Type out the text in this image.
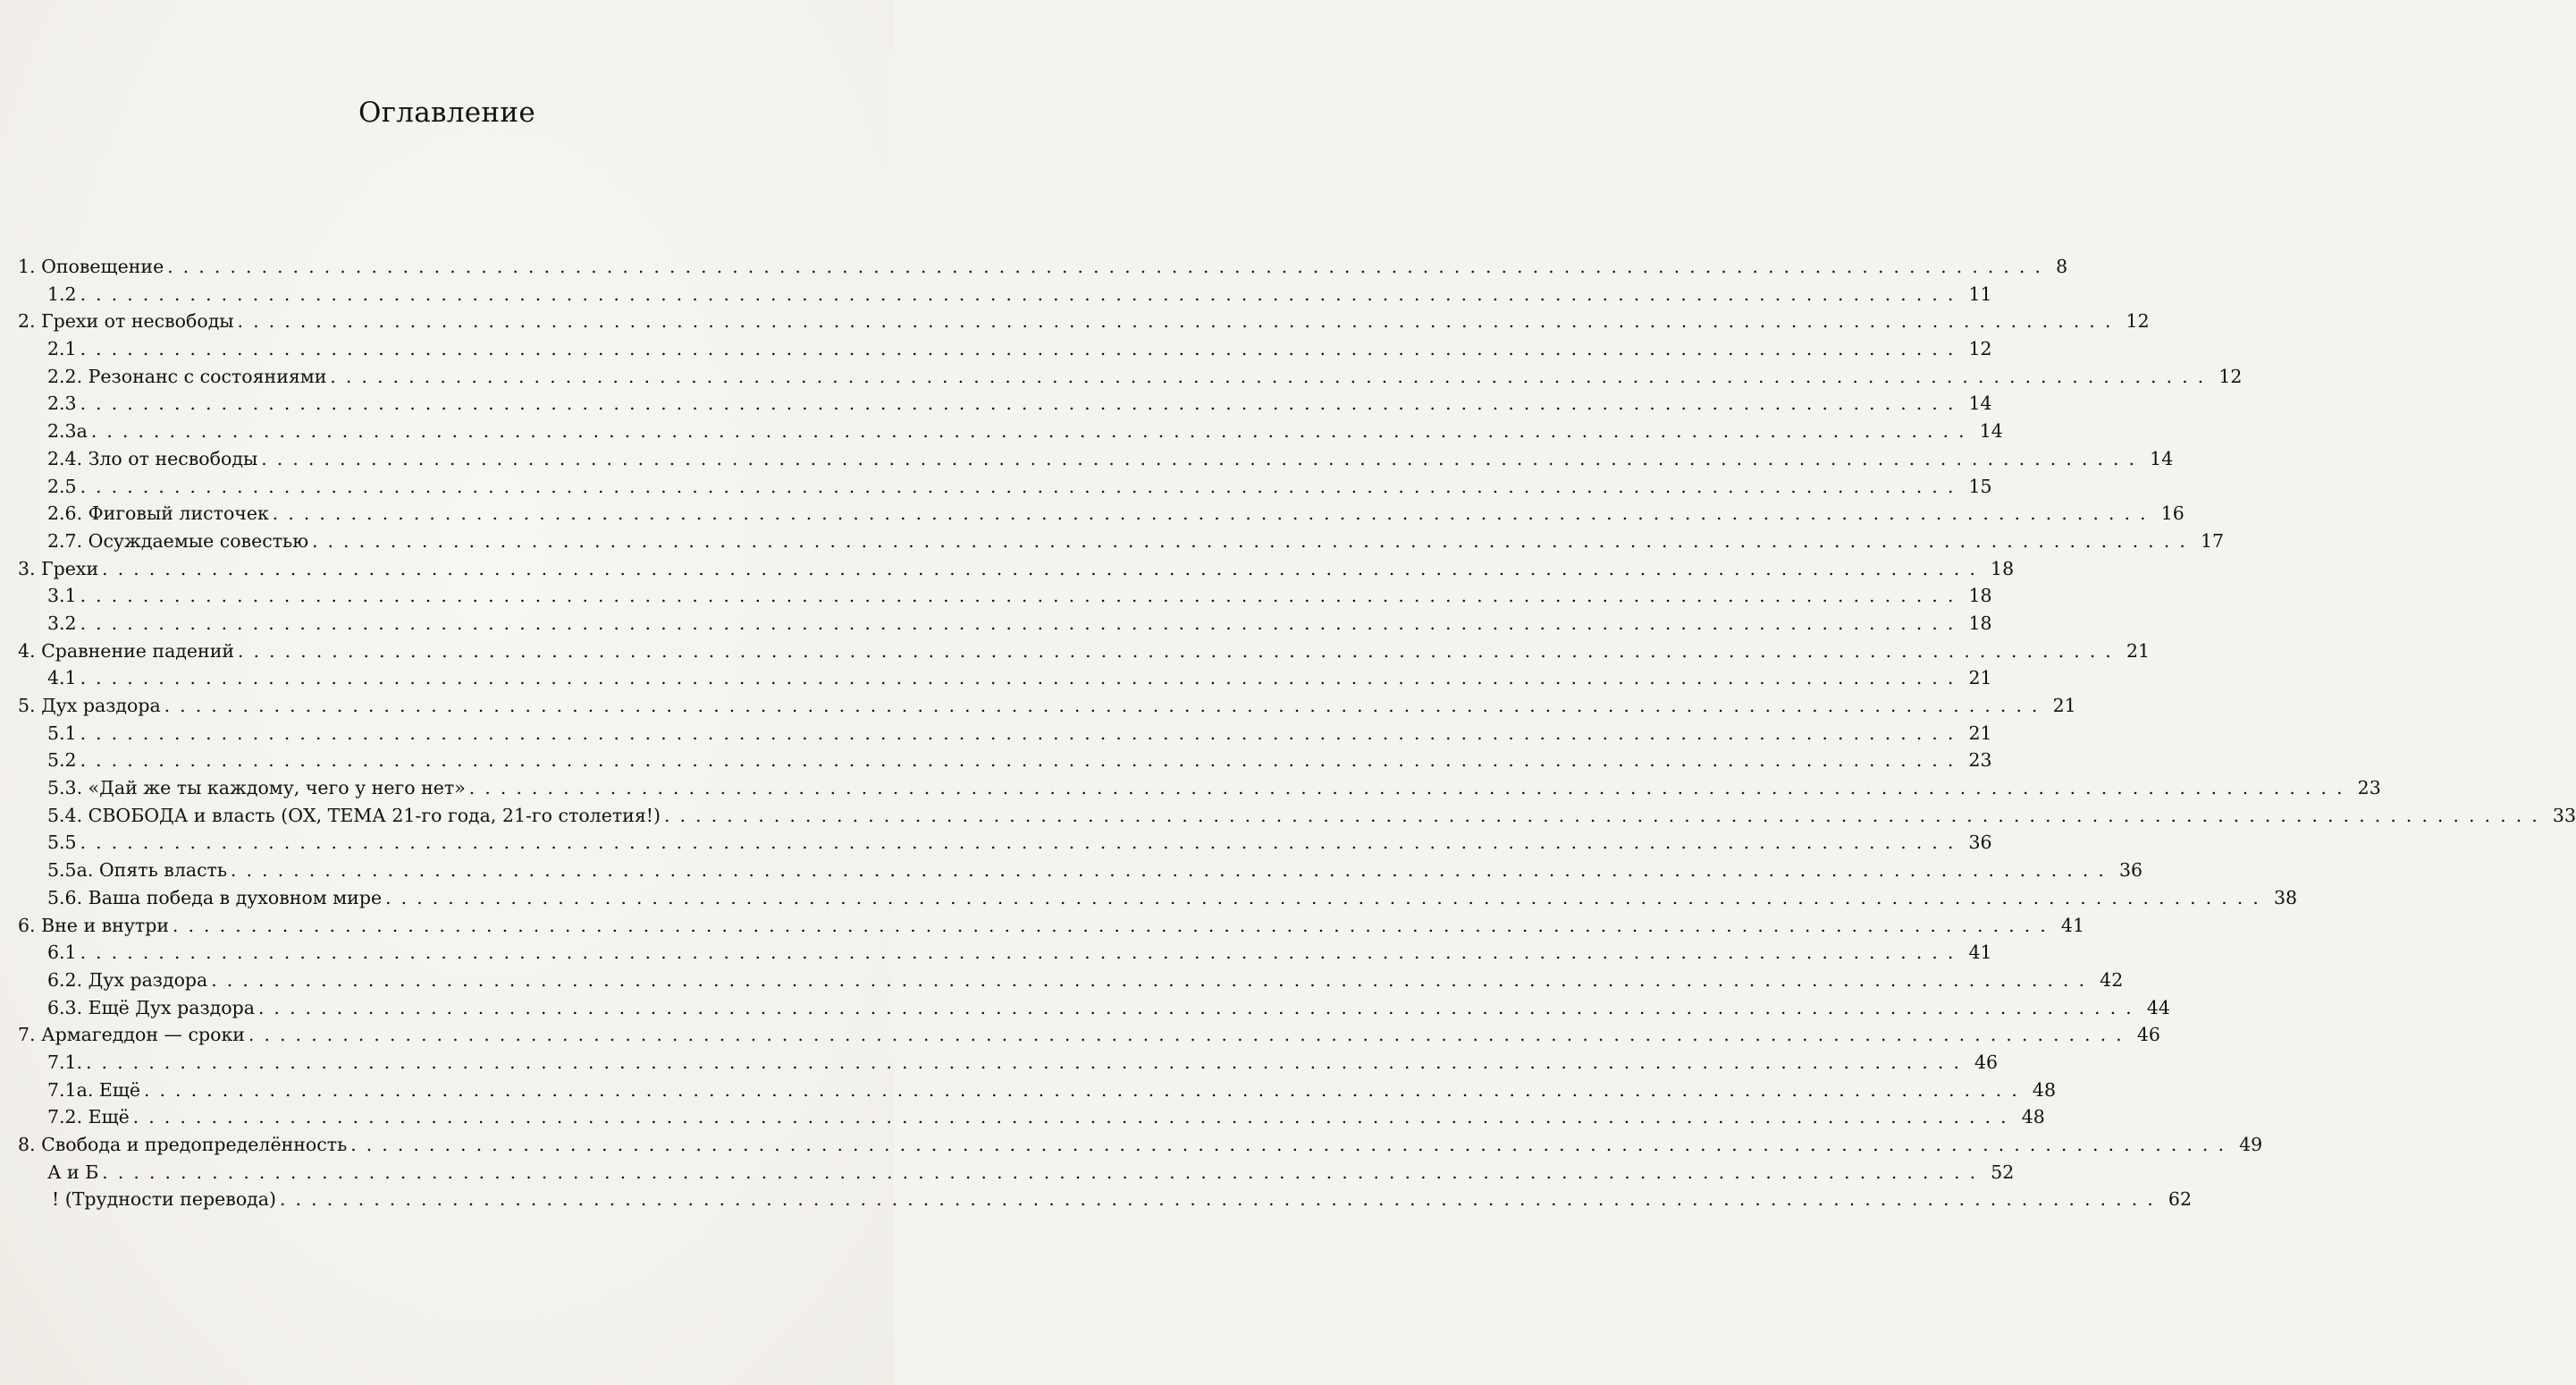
Оглавление
1. Оповещение ........................................................................................................................ 8
1.2 ........................................................................................................................ 11
2. Грехи от несвободы ........................................................................................................................ 12
2.1 ........................................................................................................................ 12
2.2. Резонанс с состояниями ........................................................................................................................ 12
2.3 ........................................................................................................................ 14
2.3а ........................................................................................................................ 14
2.4. Зло от несвободы ........................................................................................................................ 14
2.5 ........................................................................................................................ 15
2.6. Фиговый листочек ........................................................................................................................ 16
2.7. Осуждаемые совестью ........................................................................................................................ 17
3. Грехи ........................................................................................................................ 18
3.1 ........................................................................................................................ 18
3.2 ........................................................................................................................ 18
4. Сравнение падений ........................................................................................................................ 21
4.1 ........................................................................................................................ 21
5. Дух раздора ........................................................................................................................ 21
5.1 ........................................................................................................................ 21
5.2 ........................................................................................................................ 23
5.3. «Дай же ты каждому, чего у него нет» ........................................................................................................................ 23
5.4. СВОБОДА и власть (ОХ, ТЕМА 21-го года, 21-го столетия!) ........................................................................................................................ 33
5.5 ........................................................................................................................ 36
5.5а. Опять власть ........................................................................................................................ 36
5.6. Ваша победа в духовном мире ........................................................................................................................ 38
6. Вне и внутри ........................................................................................................................ 41
6.1 ........................................................................................................................ 41
6.2. Дух раздора ........................................................................................................................ 42
6.3. Ещё Дух раздора ........................................................................................................................ 44
7. Армагеддон — сроки ........................................................................................................................ 46
7.1. ........................................................................................................................ 46
7.1а. Ещё ........................................................................................................................ 48
7.2. Ещё ........................................................................................................................ 48
8. Свобода и предопределённость ........................................................................................................................ 49
А и Б ........................................................................................................................ 52
! (Трудности перевода) ........................................................................................................................ 62
